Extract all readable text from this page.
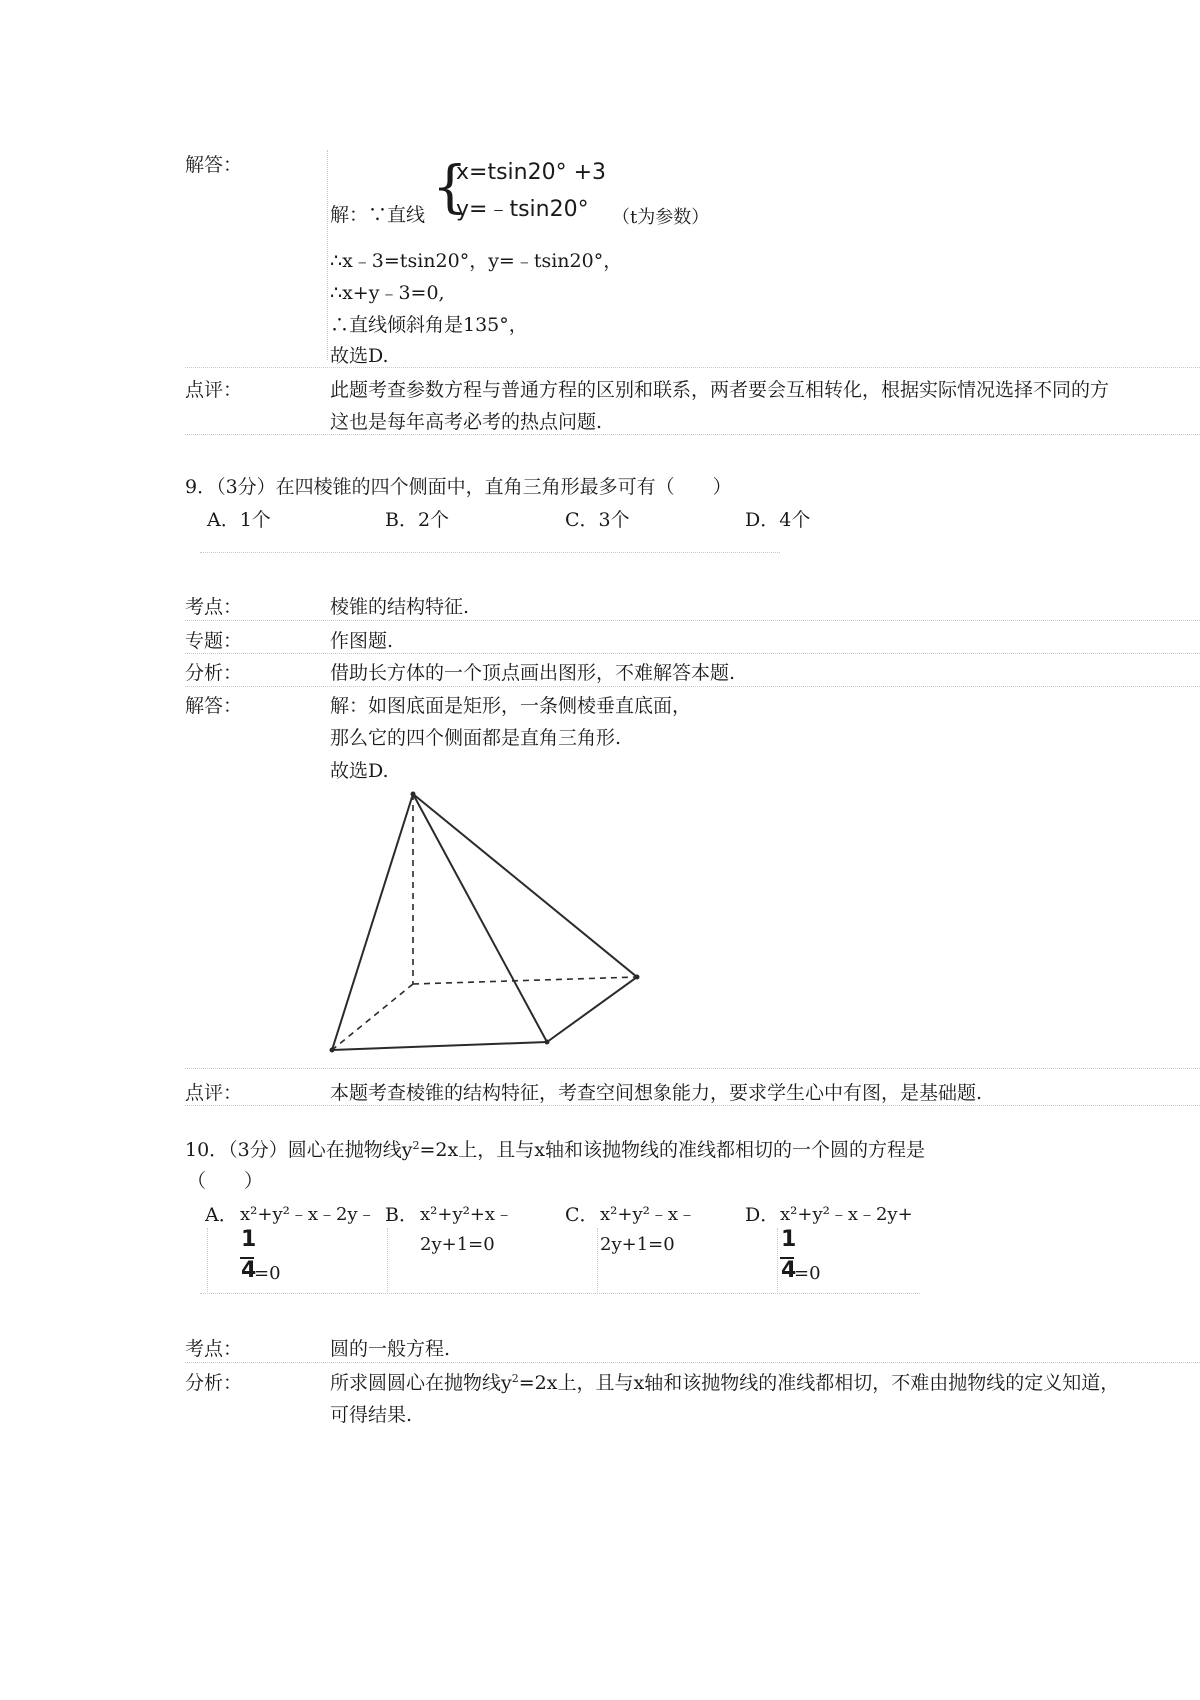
解答：
解：∵直线 {
x=tsin20° +3
y=﹣tsin20° （t为参数）
∴x﹣3=tsin20°，y=﹣tsin20°，
∴x+y﹣3=0,
∴直线倾斜角是135°，
故选D.
点评：	此题考查参数方程与普通方程的区别和联系，两者要会互相转化，根据实际情况选择不同的方
这也是每年高考必考的热点问题.
9．（3分）在四棱锥的四个侧面中，直角三角形最多可有（　　）
A．1个	B．2个	C．3个	D．4个
考点：	棱锥的结构特征.
专题：	作图题.
分析：	借助长方体的一个顶点画出图形，不难解答本题.
解答：	解：如图底面是矩形，一条侧棱垂直底面，
那么它的四个侧面都是直角三角形.
故选D.
点评：	本题考查棱锥的结构特征，考查空间想象能力，要求学生心中有图，是基础题.
10．（3分）圆心在抛物线$y^2=2x$上，且与x轴和该抛物线的准线都相切的一个圆的方程是
（　　）
A． x²+y²﹣x﹣2y﹣
1
4
=0
B． x²+y²+x﹣
2y+1=0
C． x²+y²﹣x﹣
2y+1=0
D． x²+y²﹣x﹣2y+
1
4
=0
考点：	圆的一般方程.
分析：	所求圆圆心在抛物线$y^2=2x$上，且与x轴和该抛物线的准线都相切，不难由抛物线的定义知道，
可得结果.
